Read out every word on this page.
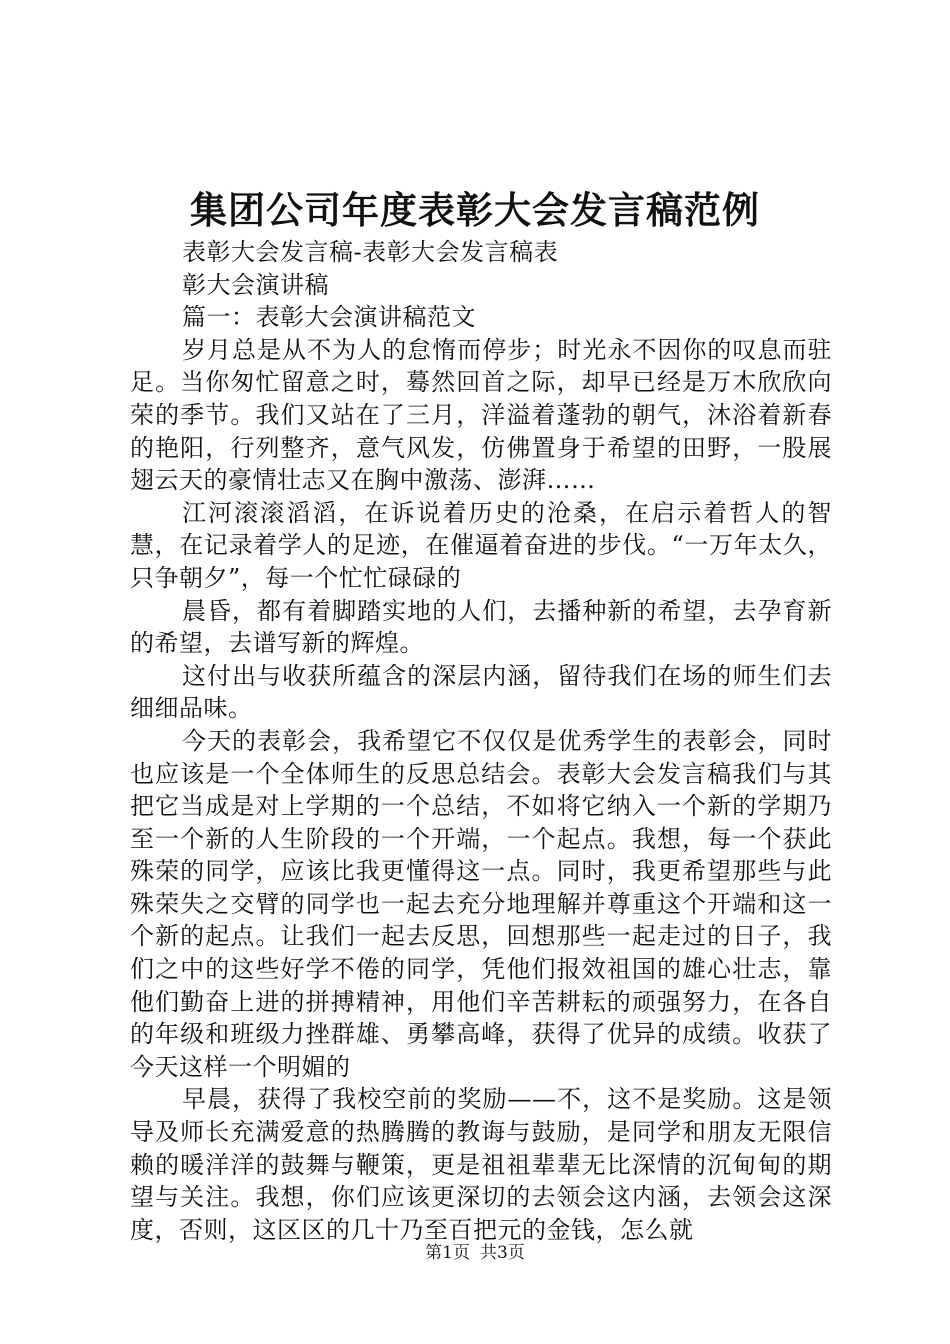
集团公司年度表彰大会发言稿范例

表彰大会发言稿-表彰大会发言稿表

彰大会演讲稿

篇一：表彰大会演讲稿范文

岁月总是从不为人的怠惰而停步；时光永不因你的叹息而驻足。当你匆忙留意之时，蓦然回首之际，却早已经是万木欣欣向荣的季节。我们又站在了三月，洋溢着蓬勃的朝气，沐浴着新春的艳阳，行列整齐，意气风发，仿佛置身于希望的田野，一股展翅云天的豪情壮志又在胸中激荡、澎湃……

江河滚滚滔滔，在诉说着历史的沧桑，在启示着哲人的智慧，在记录着学人的足迹，在催逼着奋进的步伐。“一万年太久，只争朝夕”，每一个忙忙碌碌的

晨昏，都有着脚踏实地的人们，去播种新的希望，去孕育新的希望，去谱写新的辉煌。

这付出与收获所蕴含的深层内涵，留待我们在场的师生们去细细品味。

今天的表彰会，我希望它不仅仅是优秀学生的表彰会，同时也应该是一个全体师生的反思总结会。表彰大会发言稿我们与其把它当成是对上学期的一个总结，不如将它纳入一个新的学期乃至一个新的人生阶段的一个开端，一个起点。我想，每一个获此殊荣的同学，应该比我更懂得这一点。同时，我更希望那些与此殊荣失之交臂的同学也一起去充分地理解并尊重这个开端和这一个新的起点。让我们一起去反思，回想那些一起走过的日子，我们之中的这些好学不倦的同学，凭他们报效祖国的雄心壮志，靠他们勤奋上进的拼搏精神，用他们辛苦耕耘的顽强努力，在各自的年级和班级力挫群雄、勇攀高峰，获得了优异的成绩。收获了今天这样一个明媚的

早晨，获得了我校空前的奖励——不，这不是奖励。这是领导及师长充满爱意的热腾腾的教诲与鼓励，是同学和朋友无限信赖的暖洋洋的鼓舞与鞭策，更是祖祖辈辈无比深情的沉甸甸的期望与关注。我想，你们应该更深切的去领会这内涵，去领会这深度，否则，这区区的几十乃至百把元的金钱，怎么就

第1页 共3页
